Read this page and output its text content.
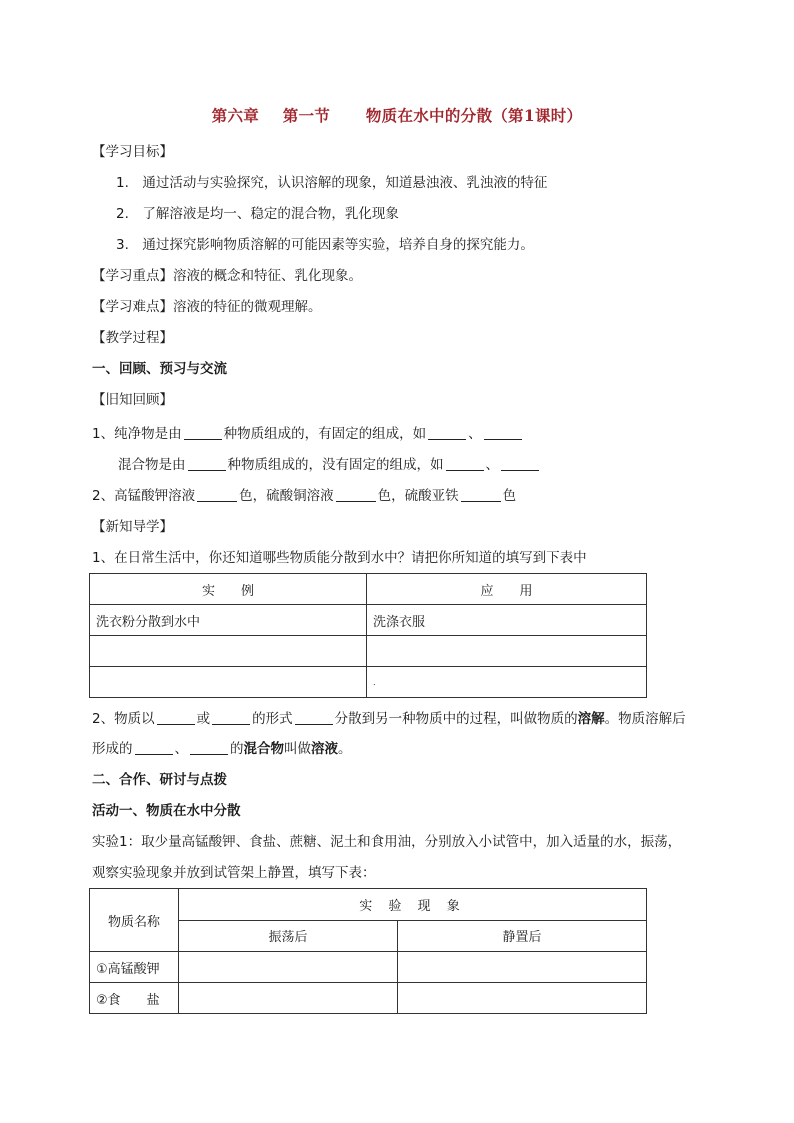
第六章 第一节 物质在水中的分散（第1课时）
【学习目标】
1.　通过活动与实验探究，认识溶解的现象，知道悬浊液、乳浊液的特征
2.　了解溶液是均一、稳定的混合物，乳化现象
3.　通过探究影响物质溶解的可能因素等实验，培养自身的探究能力。
【学习重点】溶液的概念和特征、乳化现象。
【学习难点】溶液的特征的微观理解。
【教学过程】
一、回顾、预习与交流
【旧知回顾】
1、纯净物是由	种物质组成的，有固定的组成，如	、
混合物是由	种物质组成的，没有固定的组成，如	、
2、高锰酸钾溶液	色，硫酸铜溶液	色，硫酸亚铁	色
【新知导学】
1、在日常生活中，你还知道哪些物质能分散到水中？请把你所知道的填写到下表中
实　　例	应　　用
洗衣粉分散到水中	洗涤衣服

	.
2、物质以	或	的形式	分散到另一种物质中的过程，叫做物质的溶解。物质溶解后
形成的	、	的混合物叫做溶液。
二、合作、研讨与点拨
活动一、物质在水中分散
实验1：取少量高锰酸钾、食盐、蔗糖、泥土和食用油，分别放入小试管中，加入适量的水，振荡，
观察实验现象并放到试管架上静置，填写下表：
物质名称	实 验 现 象	
	振荡后	静置后
①高锰酸钾		
②食　　盐		
